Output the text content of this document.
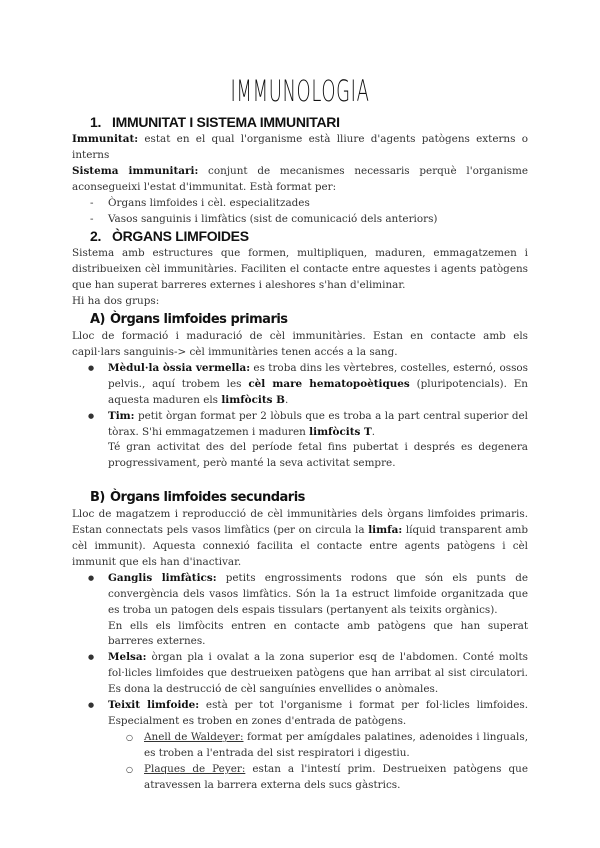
IMMUNOLOGIA
1. IMMUNITAT I SISTEMA IMMUNITARI

Immunitat: estat en el qual l'organisme està lliure d'agents patògens externs o interns

Sistema immunitari: conjunt de mecanismes necessaris perquè l'organisme aconsegueixi l'estat d'immunitat. Està format per:

- Òrgans limfoides i cèl. especialitzades
- Vasos sanguinis i limfàtics (sist de comunicació dels anteriors)
2. ÒRGANS LIMFOIDES

Sistema amb estructures que formen, multipliquen, maduren, emmagatzemen i distribueixen cèl immunitàries. Faciliten el contacte entre aquestes i agents patògens que han superat barreres externes i aleshores s'han d'eliminar.

Hi ha dos grups:

A) Òrgans limfoides primaris

Lloc de formació i maduració de cèl immunitàries. Estan en contacte amb els capil·lars sanguinis-> cèl immunitàries tenen accés a la sang.

● Mèdul·la òssia vermella: es troba dins les vèrtebres, costelles, esternó, ossos pelvis., aquí trobem les cèl mare hematopoètiques (pluripotencials). En aquesta maduren els limfòcits B.
● Tim: petit òrgan format per 2 lòbuls que es troba a la part central superior del tòrax. S'hi emmagatzemen i maduren limfòcits T.

Té gran activitat des del període fetal fins pubertat i després es degenera progressivament, però manté la seva activitat sempre.

B) Òrgans limfoides secundaris

Lloc de magatzem i reproducció de cèl immunitàries dels òrgans limfoides primaris. Estan connectats pels vasos limfàtics (per on circula la limfa: líquid transparent amb cèl immunit). Aquesta connexió facilita el contacte entre agents patògens i cèl immunit que els han d'inactivar.

● Ganglis limfàtics: petits engrossiments rodons que són els punts de convergència dels vasos limfàtics. Són la 1a estruct limfoide organitzada que es troba un patogen dels espais tissulars (pertanyent als teixits orgànics).

En ells els limfòcits entren en contacte amb patògens que han superat barreres externes.

● Melsa: òrgan pla i ovalat a la zona superior esq de l'abdomen. Conté molts fol·licles limfoides que destrueixen patògens que han arribat al sist circulatori. Es dona la destrucció de cèl sanguínies envellides o anòmales.
● Teixit limfoide: està per tot l'organisme i format per fol·licles limfoides. Especialment es troben en zones d'entrada de patògens.
○ Anell de Waldeyer: format per amígdales palatines, adenoides i linguals, es troben a l'entrada del sist respiratori i digestiu.
○ Plaques de Peyer: estan a l'intestí prim. Destrueixen patògens que atravessen la barrera externa dels sucs gàstrics.
